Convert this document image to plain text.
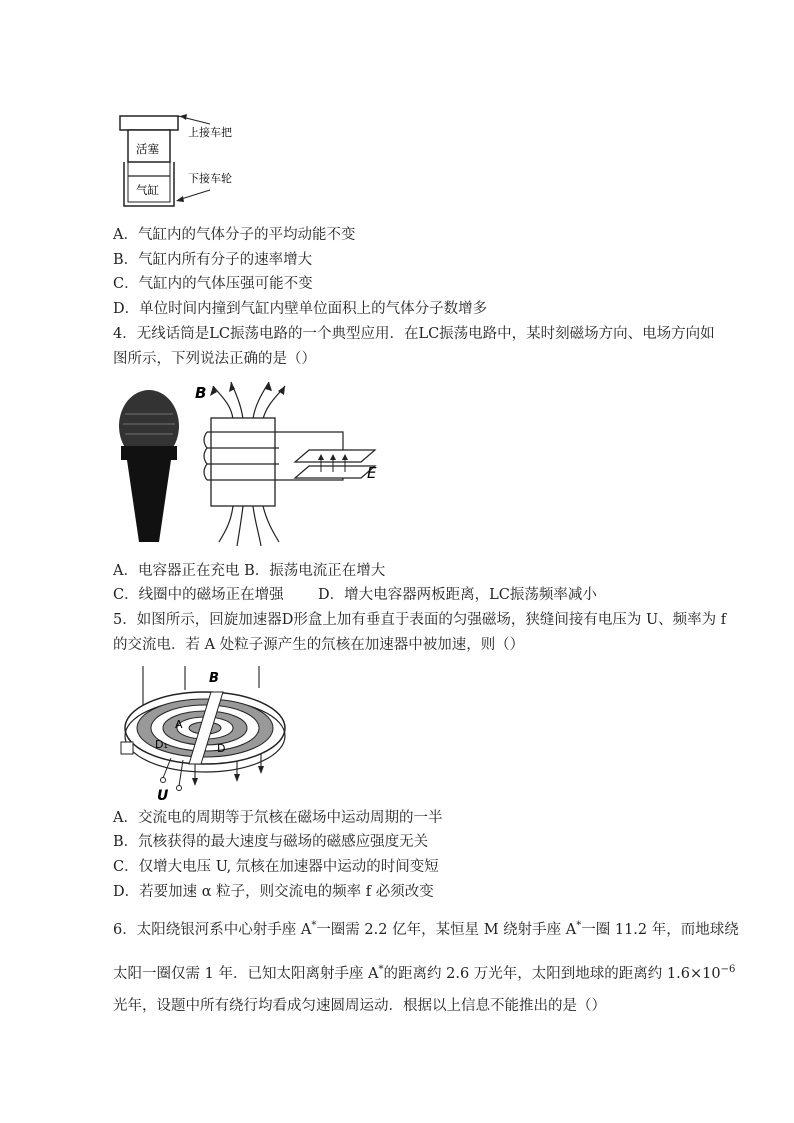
活塞
气缸
上接车把
下接车轮
A．气缸内的气体分子的平均动能不变
B．气缸内所有分子的速率增大
C．气缸内的气体压强可能不变
D．单位时间内撞到气缸内壁单位面积上的气体分子数增多
4．无线话筒是LC振荡电路的一个典型应用．在LC振荡电路中，某时刻磁场方向、电场方向如
图所示，下列说法正确的是（）
B
E
A．电容器正在充电 B．振荡电流正在增大
C．线圈中的磁场正在增强 D．增大电容器两板距离，LC振荡频率减小
5．如图所示，回旋加速器D形盒上加有垂直于表面的匀强磁场，狭缝间接有电压为 U、频率为 f
的交流电．若 A 处粒子源产生的氘核在加速器中被加速，则（）
B
A
D₁	D
U
A．交流电的周期等于氘核在磁场中运动周期的一半
B．氘核获得的最大速度与磁场的磁感应强度无关
C．仅增大电压 U, 氘核在加速器中运动的时间变短
D．若要加速 α 粒子，则交流电的频率 f 必须改变
6．太阳绕银河系中心射手座 A*一圈需 2.2 亿年，某恒星 M 绕射手座 A*一圈 11.2 年，而地球绕
太阳一圈仅需 1 年．已知太阳离射手座 A*的距离约 2.6 万光年，太阳到地球的距离约 $1.6\times 10^{-6}$
光年，设题中所有绕行均看成匀速圆周运动．根据以上信息不能推出的是（）
